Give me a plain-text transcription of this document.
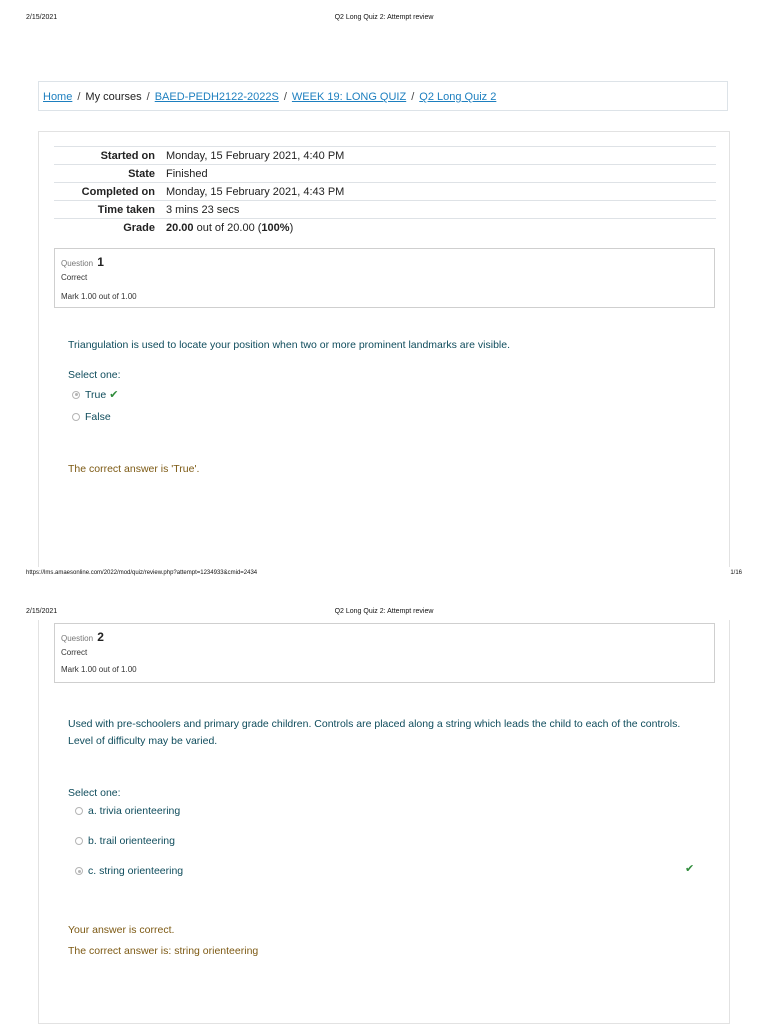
2/15/2021	Q2 Long Quiz 2: Attempt review
Home / My courses / BAED-PEDH2122-2022S / WEEK 19: LONG QUIZ / Q2 Long Quiz 2
Started on	Monday, 15 February 2021, 4:40 PM
State	Finished
Completed on	Monday, 15 February 2021, 4:43 PM
Time taken	3 mins 23 secs
Grade	20.00 out of 20.00 (100%)
Question 1
Correct
Mark 1.00 out of 1.00
Triangulation is used to locate your position when two or more prominent landmarks are visible.
Select one:
True ✔
False
The correct answer is 'True'.
https://lms.amaesonline.com/2022/mod/quiz/review.php?attempt=1234933&cmid=2434	1/16
2/15/2021	Q2 Long Quiz 2: Attempt review
Question 2
Correct
Mark 1.00 out of 1.00
Used with pre-schoolers and primary grade children. Controls are placed along a string which leads the child to each of the controls.
Level of difficulty may be varied.
Select one:
a. trivia orienteering
b. trail orienteering
c. string orienteering	✔
Your answer is correct.
The correct answer is: string orienteering
